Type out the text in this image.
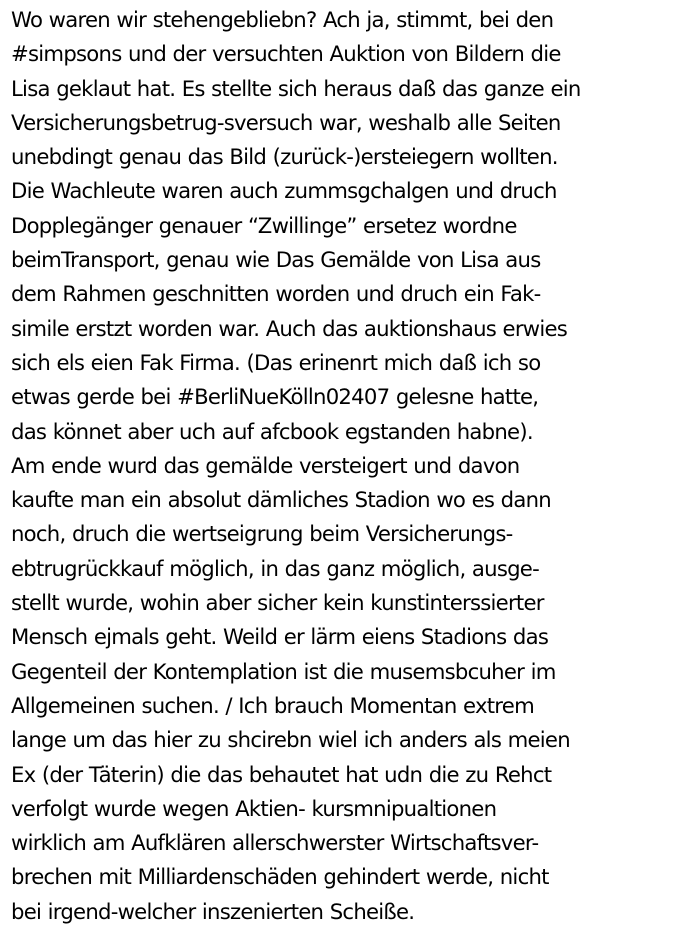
Wo waren wir stehengebliebn? Ach ja, stimmt, bei den
#simpsons und der versuchten Auktion von Bildern die
Lisa geklaut hat. Es stellte sich heraus daß das ganze ein
Versicherungsbetrug-sversuch war, weshalb alle Seiten
unebdingt genau das Bild (zurück-)ersteiegern wollten.
Die Wachleute waren auch zummsgchalgen und druch
Dopplegänger genauer “Zwillinge” ersetez wordne
beimTransport, genau wie Das Gemälde von Lisa aus
dem Rahmen geschnitten worden und druch ein Fak-
simile erstzt worden war. Auch das auktionshaus erwies
sich els eien Fak Firma. (Das erinenrt mich daß ich so
etwas gerde bei #BerliNueKölln02407 gelesne hatte,
das könnet aber uch auf afcbook egstanden habne).
Am ende wurd das gemälde versteigert und davon
kaufte man ein absolut dämliches Stadion wo es dann
noch, druch die wertseigrung beim Versicherungs-
ebtrugrückkauf möglich, in das ganz möglich, ausge-
stellt wurde, wohin aber sicher kein kunstinterssierter
Mensch ejmals geht. Weild er lärm eiens Stadions das
Gegenteil der Kontemplation ist die musemsbcuher im
Allgemeinen suchen. / Ich brauch Momentan extrem
lange um das hier zu shcirebn wiel ich anders als meien
Ex (der Täterin) die das behautet hat udn die zu Rehct
verfolgt wurde wegen Aktien- kursmnipualtionen
wirklich am Aufklären allerschwerster Wirtschaftsver-
brechen mit Milliardenschäden gehindert werde, nicht
bei irgend-welcher inszenierten Scheiße.
